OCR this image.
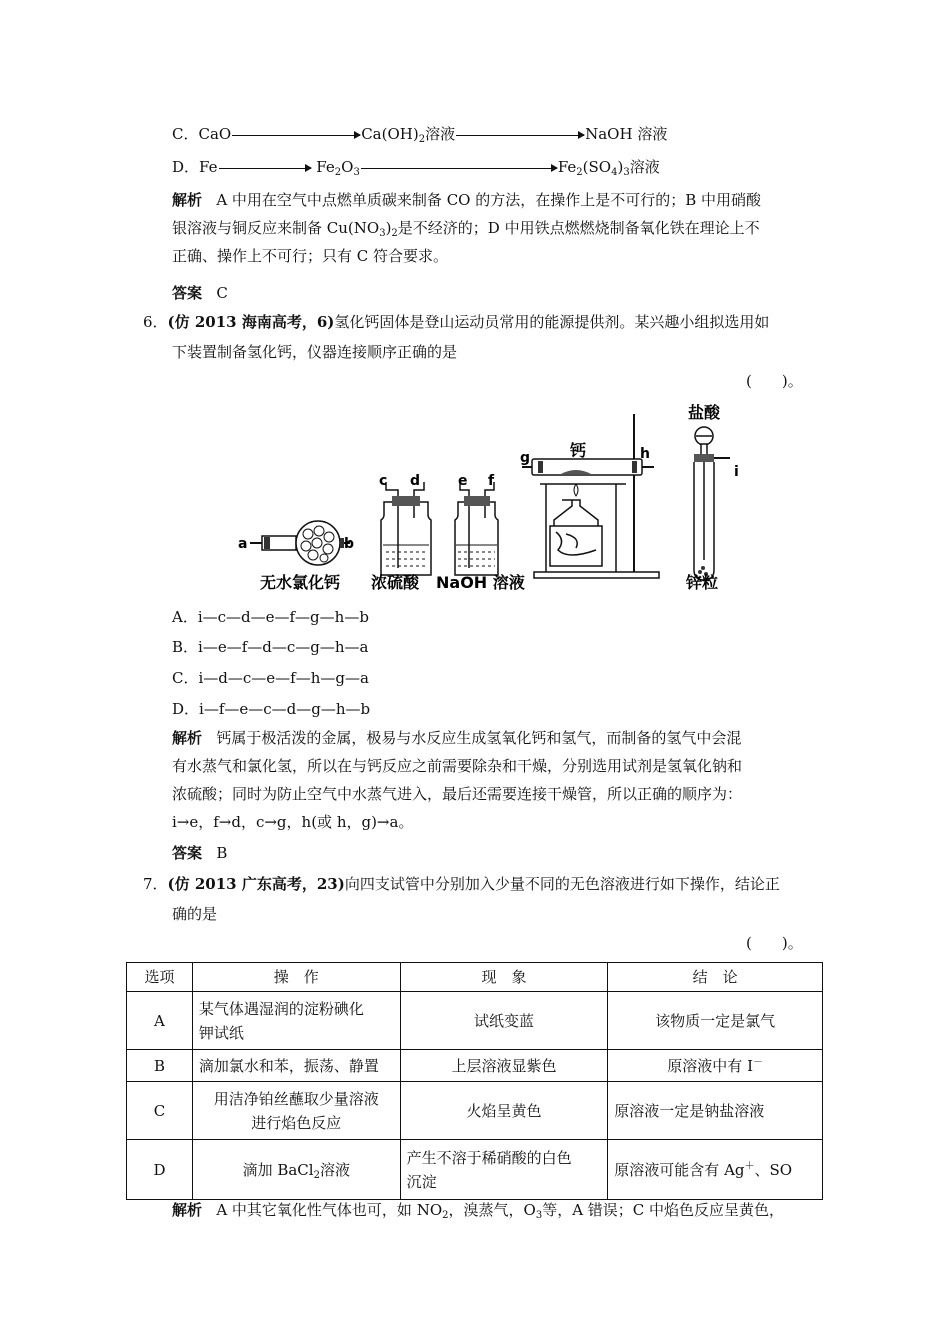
C．CaO	$Ca(OH)_2$溶液	NaOH 溶液
D．Fe	$Fe_2O_3$	$Fe_2(SO_4)_3$溶液
解析 A 中用在空气中点燃单质碳来制备 CO 的方法，在操作上是不可行的；B 中用硝酸
银溶液与铜反应来制备 $Cu(NO_3)_2$是不经济的；D 中用铁点燃燃烧制备氧化铁在理论上不
正确、操作上不可行；只有 C 符合要求。
答案 C
6．(仿 2013 海南高考，6)氢化钙固体是登山运动员常用的能源提供剂。某兴趣小组拟选用如
下装置制备氢化钙，仪器连接顺序正确的是
(　　)。
a	b
c d	e f
g	h
钙
盐酸
i
无水氯化钙 浓硫酸 NaOH 溶液	锌粒
A．i—c—d—e—f—g—h—b
B．i—e—f—d—c—g—h—a
C．i—d—c—e—f—h—g—a
D．i—f—e—c—d—g—h—b
解析 钙属于极活泼的金属，极易与水反应生成氢氧化钙和氢气，而制备的氢气中会混
有水蒸气和氯化氢，所以在与钙反应之前需要除杂和干燥，分别选用试剂是氢氧化钠和
浓硫酸；同时为防止空气中水蒸气进入，最后还需要连接干燥管，所以正确的顺序为：
i→e，f→d，c→g，h(或 h，g)→a。
答案 B
7．(仿 2013 广东高考，23)向四支试管中分别加入少量不同的无色溶液进行如下操作，结论正
确的是
(　　)。
选项	操　作	现　象	结　论
A	某气体遇湿润的淀粉碘化
钾试纸	试纸变蓝	该物质一定是氯气
B	滴加氯水和苯，振荡、静置	上层溶液显紫色	原溶液中有 I－
C	用洁净铂丝蘸取少量溶液
进行焰色反应	火焰呈黄色	原溶液一定是钠盐溶液
D	滴加 BaCl$_2$溶液	产生不溶于稀硝酸的白色
沉淀	原溶液可能含有 Ag＋、SO
解析 A 中其它氧化性气体也可，如 $NO_2$，溴蒸气，$O_3$等，A 错误；C 中焰色反应呈黄色，
